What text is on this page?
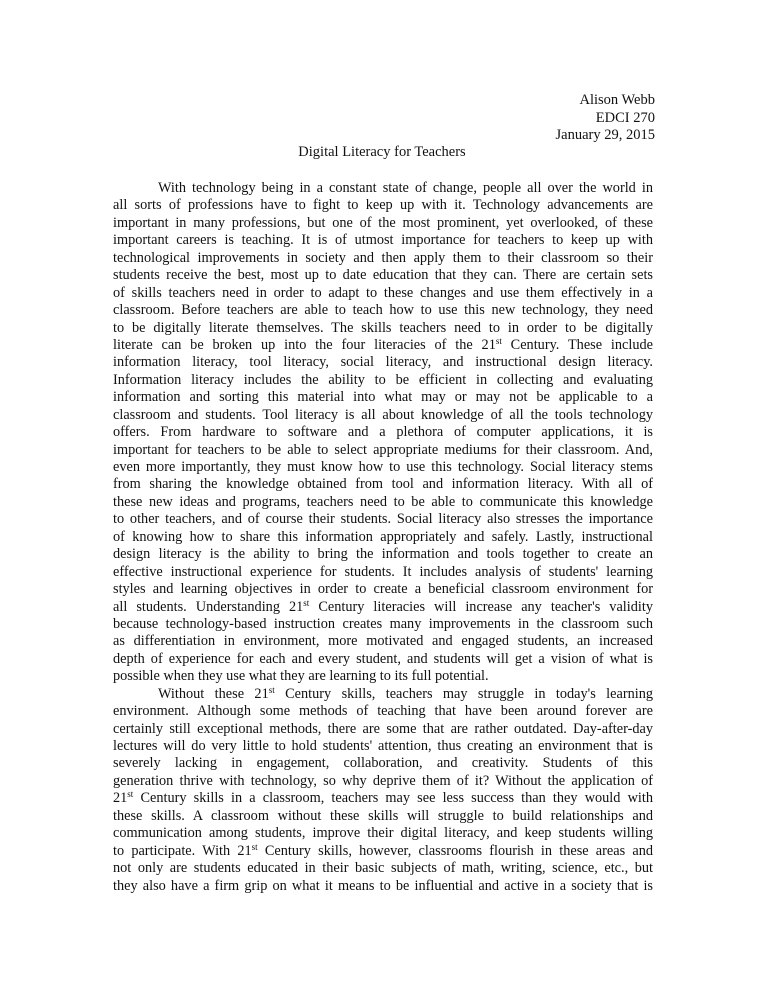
Alison Webb
EDCI 270
January 29, 2015
Digital Literacy for Teachers
With technology being in a constant state of change, people all over the world in
all sorts of professions have to fight to keep up with it. Technology advancements are
important in many professions, but one of the most prominent, yet overlooked, of these
important careers is teaching. It is of utmost importance for teachers to keep up with
technological improvements in society and then apply them to their classroom so their
students receive the best, most up to date education that they can. There are certain sets
of skills teachers need in order to adapt to these changes and use them effectively in a
classroom. Before teachers are able to teach how to use this new technology, they need
to be digitally literate themselves. The skills teachers need to in order to be digitally
literate can be broken up into the four literacies of the 21st Century. These include
information literacy, tool literacy, social literacy, and instructional design literacy.
Information literacy includes the ability to be efficient in collecting and evaluating
information and sorting this material into what may or may not be applicable to a
classroom and students. Tool literacy is all about knowledge of all the tools technology
offers. From hardware to software and a plethora of computer applications, it is
important for teachers to be able to select appropriate mediums for their classroom. And,
even more importantly, they must know how to use this technology. Social literacy stems
from sharing the knowledge obtained from tool and information literacy. With all of
these new ideas and programs, teachers need to be able to communicate this knowledge
to other teachers, and of course their students. Social literacy also stresses the importance
of knowing how to share this information appropriately and safely. Lastly, instructional
design literacy is the ability to bring the information and tools together to create an
effective instructional experience for students. It includes analysis of students' learning
styles and learning objectives in order to create a beneficial classroom environment for
all students. Understanding 21st Century literacies will increase any teacher's validity
because technology-based instruction creates many improvements in the classroom such
as differentiation in environment, more motivated and engaged students, an increased
depth of experience for each and every student, and students will get a vision of what is
possible when they use what they are learning to its full potential.
Without these 21st Century skills, teachers may struggle in today's learning
environment. Although some methods of teaching that have been around forever are
certainly still exceptional methods, there are some that are rather outdated. Day-after-day
lectures will do very little to hold students' attention, thus creating an environment that is
severely lacking in engagement, collaboration, and creativity. Students of this
generation thrive with technology, so why deprive them of it? Without the application of
21st Century skills in a classroom, teachers may see less success than they would with
these skills. A classroom without these skills will struggle to build relationships and
communication among students, improve their digital literacy, and keep students willing
to participate. With 21st Century skills, however, classrooms flourish in these areas and
not only are students educated in their basic subjects of math, writing, science, etc., but
they also have a firm grip on what it means to be influential and active in a society that is
